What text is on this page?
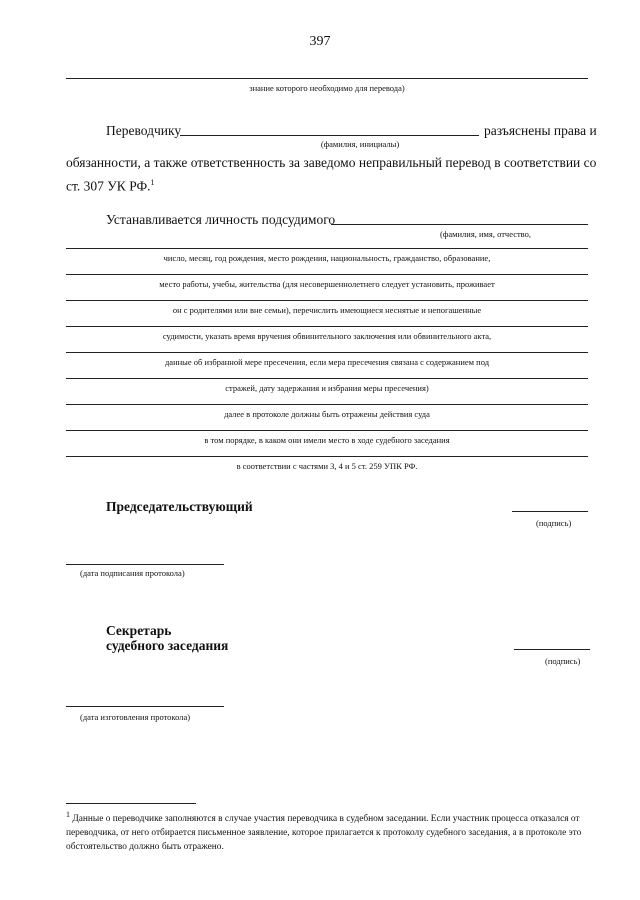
397
знание которого необходимо для перевода)
Переводчику	разъяснены права и
(фамилия, инициалы)
обязанности, а также ответственность за заведомо неправильный перевод в соответствии со
ст. 307 УК РФ.$^1$
Устанавливается личность подсудимого
(фамилия, имя, отчество,
число, месяц, год рождения, место рождения, национальность, гражданство, образование,
место работы, учебы, жительства (для несовершеннолетнего следует установить, проживает
он с родителями или вне семьи), перечислить имеющиеся неснятые и непогашенные
судимости, указать время вручения обвинительного заключения или обвинительного акта,
данные об избранной мере пресечения, если мера пресечения связана с содержанием под
стражей, дату задержания и избрания меры пресечения)
далее в протоколе должны быть отражены действия суда
в том порядке, в каком они имели место в ходе судебного заседания
в соответствии с частями 3, 4 и 5 ст. 259 УПК РФ.
Председательствующий
(подпись)
(дата подписания протокола)
Секретарь
судебного заседания
(подпись)
(дата изготовления протокола)
$^1$ Данные о переводчике заполняются в случае участия переводчика в судебном заседании. Если участник процесса отказался от переводчика, от него отбирается письменное заявление, которое прилагается к протоколу судебного заседания, а в протоколе это обстоятельство должно быть отражено.
